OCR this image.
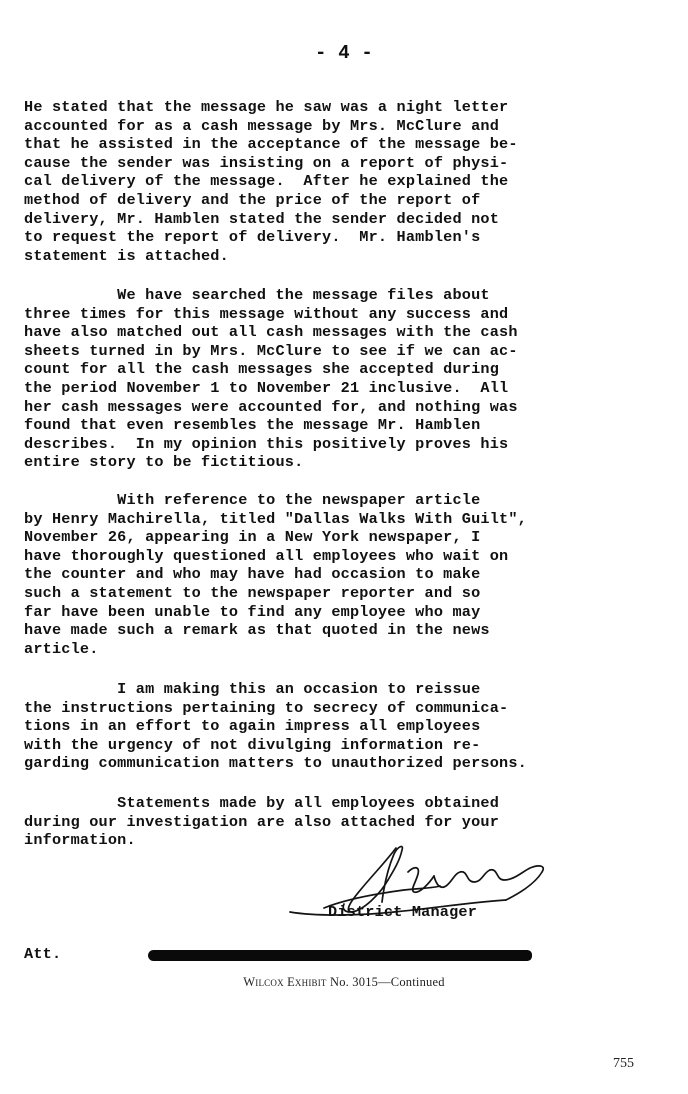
- 4 -
He stated that the message he saw was a night letter
accounted for as a cash message by Mrs. McClure and
that he assisted in the acceptance of the message be-
cause the sender was insisting on a report of physi-
cal delivery of the message.  After he explained the
method of delivery and the price of the report of
delivery, Mr. Hamblen stated the sender decided not
to request the report of delivery.  Mr. Hamblen's
statement is attached.
We have searched the message files about
three times for this message without any success and
have also matched out all cash messages with the cash
sheets turned in by Mrs. McClure to see if we can ac-
count for all the cash messages she accepted during
the period November 1 to November 21 inclusive.  All
her cash messages were accounted for, and nothing was
found that even resembles the message Mr. Hamblen
describes.  In my opinion this positively proves his
entire story to be fictitious.
With reference to the newspaper article
by Henry Machirella, titled "Dallas Walks With Guilt",
November 26, appearing in a New York newspaper, I
have thoroughly questioned all employees who wait on
the counter and who may have had occasion to make
such a statement to the newspaper reporter and so
far have been unable to find any employee who may
have made such a remark as that quoted in the news
article.
I am making this an occasion to reissue
the instructions pertaining to secrecy of communica-
tions in an effort to again impress all employees
with the urgency of not divulging information re-
garding communication matters to unauthorized persons.
Statements made by all employees obtained
during our investigation are also attached for your
information.
District Manager
Att.
Wilcox Exhibit No. 3015—Continued
755
